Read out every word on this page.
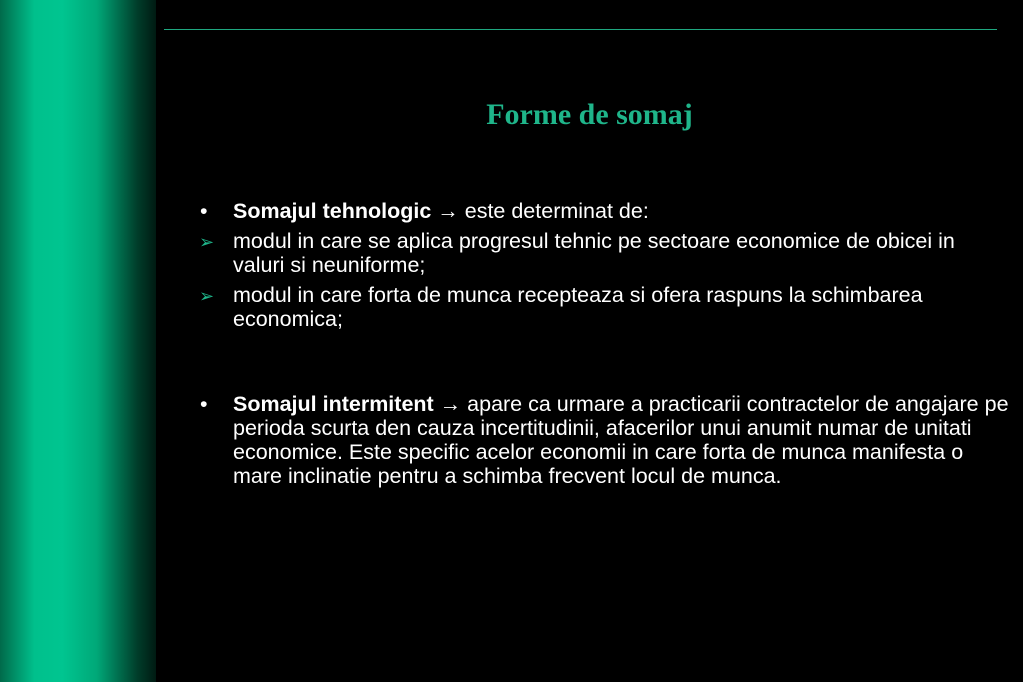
Forme de somaj
•	Somajul tehnologic → este determinat de:
➢ modul in care se aplica progresul tehnic pe sectoare economice de obicei in valuri si neuniforme;
➢ modul in care forta de munca recepteaza si ofera raspuns la schimbarea economica;
•	Somajul intermitent → apare ca urmare a practicarii contractelor de angajare pe perioda scurta den cauza incertitudinii, afacerilor unui anumit numar de unitati economice. Este specific acelor economii in care forta de munca manifesta o mare inclinatie pentru a schimba frecvent locul de munca.
